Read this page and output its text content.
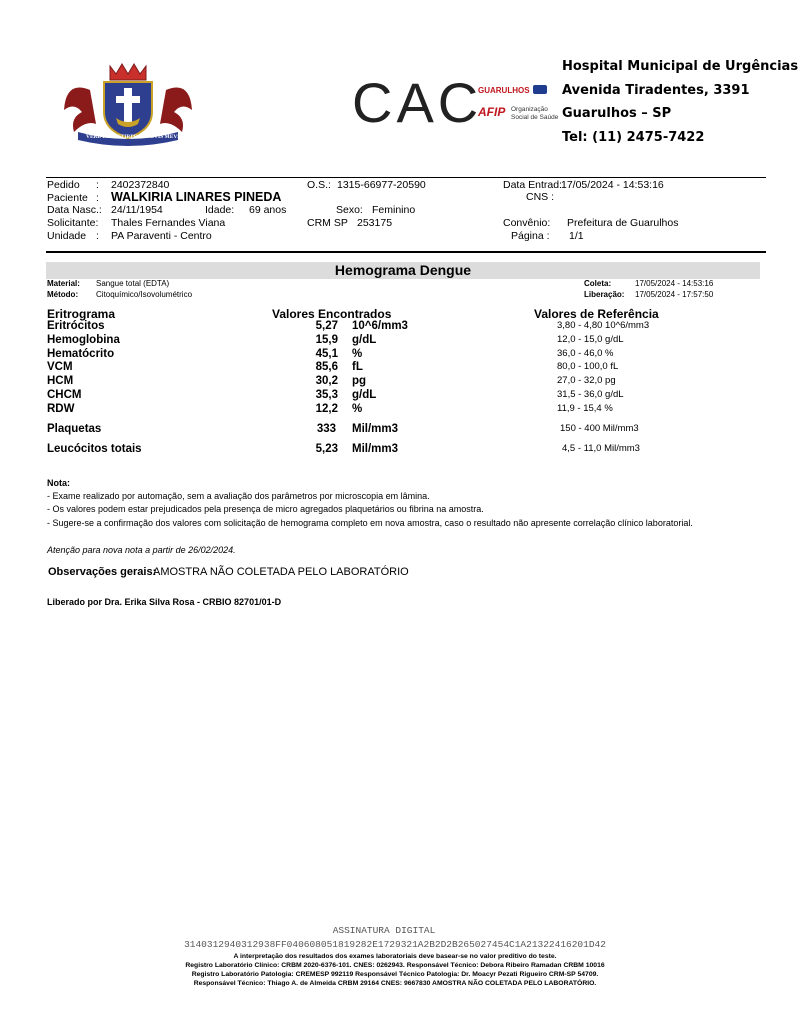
VERE FILII STIRPE SANGVIS MEVS
CAC
GUARULHOS
AFIP Organização
Social de Saúde
Hospital Municipal de Urgências
Avenida Tiradentes, 3391
Guarulhos – SP
Tel: (11) 2475-7422
Pedido : 2402372840	O.S.: 1315-66977-20590	Data Entrad: 17/05/2024 - 14:53:16
Paciente : WALKIRIA LINARES PINEDA	CNS :
Data Nasc.: 24/11/1954	Idade: 69 anos	Sexo: Feminino
Solicitante: Thales Fernandes Viana	CRM SP 253175	Convênio: Prefeitura de Guarulhos
Unidade : PA Paraventi - Centro	Página : 1/1
Hemograma Dengue
Material: Sangue total (EDTA)
Método: Citoquímico/Isovolumétrico
Coleta:	17/05/2024 - 14:53:16
Liberação: 17/05/2024 - 17:57:50
Eritrograma	Valores Encontrados	Valores de Referência
Eritrócitos	5,27 10^6/mm3	3,80 - 4,80 10^6/mm3
Hemoglobina	15,9 g/dL	12,0 - 15,0 g/dL
Hematócrito	45,1 %	36,0 - 46,0 %
VCM	85,6 fL	80,0 - 100,0 fL
HCM	30,2 pg	27,0 - 32,0 pg
CHCM	35,3 g/dL	31,5 - 36,0 g/dL
RDW	12,2 %	11,9 - 15,4 %
Plaquetas	333 Mil/mm3	150 - 400 Mil/mm3
Leucócitos totais	5,23 Mil/mm3	4,5 - 11,0 Mil/mm3
Nota:
- Exame realizado por automação, sem a avaliação dos parâmetros por microscopia em lâmina.
- Os valores podem estar prejudicados pela presença de micro agregados plaquetários ou fibrina na amostra.
- Sugere-se a confirmação dos valores com solicitação de hemograma completo em nova amostra, caso o resultado não apresente correlação clínico laboratorial.
Atenção para nova nota a partir de 26/02/2024.
Observações gerais:
AMOSTRA NÃO COLETADA PELO LABORATÓRIO
Liberado por Dra. Erika Silva Rosa - CRBIO 82701/01-D
ASSINATURA DIGITAL
3140312940312938FF040608051819282E1729321A2B2D2B265027454C1A21322416201D42
A interpretação dos resultados dos exames laboratoriais deve basear-se no valor preditivo do teste.
Registro Laboratório Clínico: CRBM 2020-6376-101. CNES: 0262943. Responsável Técnico: Debora Ribeiro Ramadan CRBM 10016
Registro Laboratório Patologia: CREMESP 992119 Responsável Técnico Patologia: Dr. Moacyr Pezati Rigueiro CRM-SP 54709.
Responsável Técnico: Thiago A. de Almeida CRBM 29164 CNES: 9667830 AMOSTRA NÃO COLETADA PELO LABORATÓRIO.
